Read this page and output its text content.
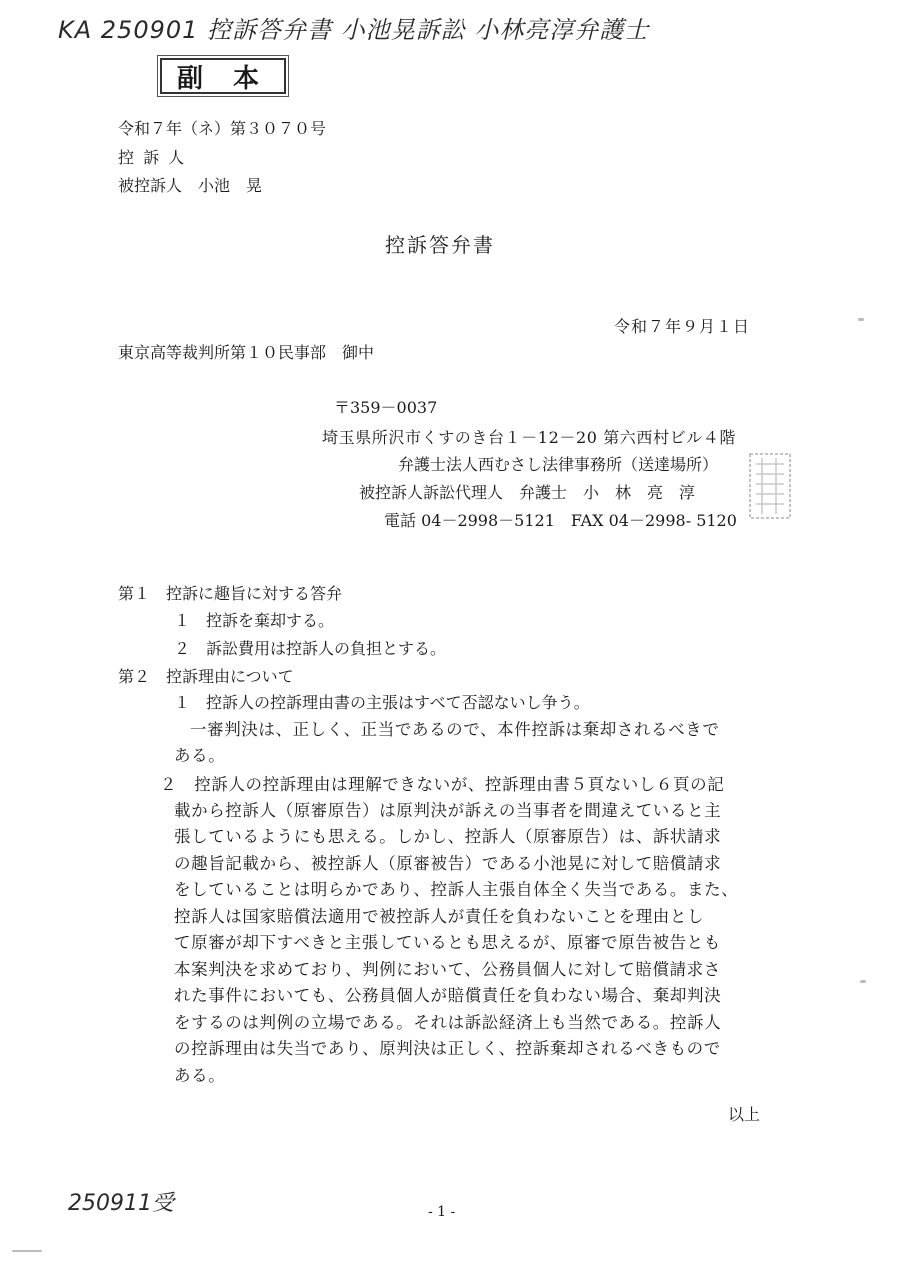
KA 250901 控訴答弁書 小池晃訴訟 小林亮淳弁護士
副本
令和７年（ネ）第３０７０号
控 訴 人
被控訴人　小池　晃
控訴答弁書
令和７年９月１日
東京高等裁判所第１０民事部　御中
〒359－0037
埼玉県所沢市くすのき台１－12－20 第六西村ビル４階
弁護士法人西むさし法律事務所（送達場所）
被控訴人訴訟代理人　弁護士　小　林　亮　淳
電話 04－2998－5121　FAX 04－2998- 5120
第１　控訴に趣旨に対する答弁
１　控訴を棄却する。
２　訴訟費用は控訴人の負担とする。
第２　控訴理由について
１　控訴人の控訴理由書の主張はすべて否認ないし争う。
一審判決は、正しく、正当であるので、本件控訴は棄却されるべきで
ある。
２　控訴人の控訴理由は理解できないが、控訴理由書５頁ないし６頁の記
載から控訴人（原審原告）は原判決が訴えの当事者を間違えていると主
張しているようにも思える。しかし、控訴人（原審原告）は、訴状請求
の趣旨記載から、被控訴人（原審被告）である小池晃に対して賠償請求
をしていることは明らかであり、控訴人主張自体全く失当である。また、
控訴人は国家賠償法適用で被控訴人が責任を負わないことを理由とし
て原審が却下すべきと主張しているとも思えるが、原審で原告被告とも
本案判決を求めており、判例において、公務員個人に対して賠償請求さ
れた事件においても、公務員個人が賠償責任を負わない場合、棄却判決
をするのは判例の立場である。それは訴訟経済上も当然である。控訴人
の控訴理由は失当であり、原判決は正しく、控訴棄却されるべきもので
ある。
以上
250911受	- 1 -
